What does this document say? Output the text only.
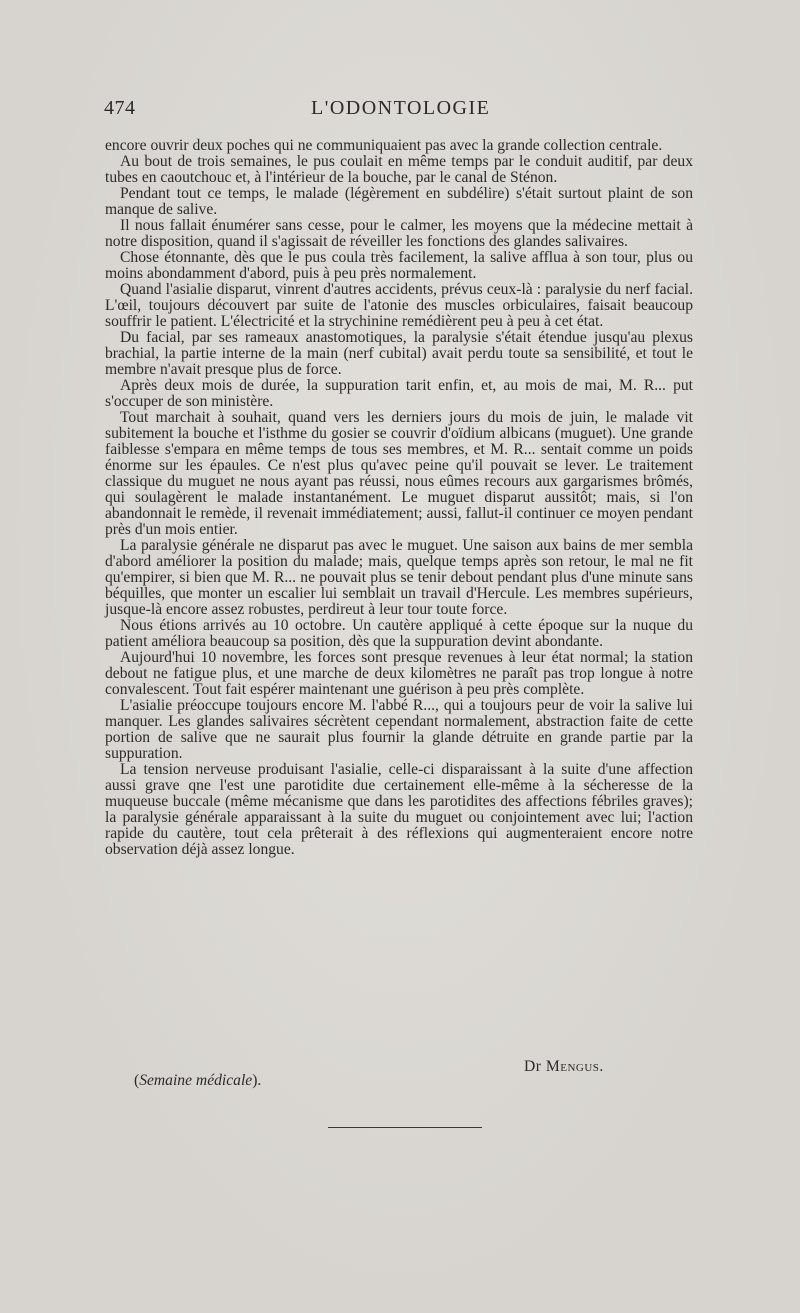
474	L'ODONTOLOGIE

encore ouvrir deux poches qui ne communiquaient pas avec la grande collection centrale.

Au bout de trois semaines, le pus coulait en même temps par le conduit auditif, par deux tubes en caoutchouc et, à l'intérieur de la bouche, par le canal de Sténon.

Pendant tout ce temps, le malade (légèrement en subdélire) s'était surtout plaint de son manque de salive.

Il nous fallait énumérer sans cesse, pour le calmer, les moyens que la médecine mettait à notre disposition, quand il s'agissait de réveiller les fonctions des glandes salivaires.

Chose étonnante, dès que le pus coula très facilement, la salive afflua à son tour, plus ou moins abondamment d'abord, puis à peu près normalement.

Quand l'asialie disparut, vinrent d'autres accidents, prévus ceux-là : paralysie du nerf facial. L'œil, toujours découvert par suite de l'atonie des muscles orbiculaires, faisait beaucoup souffrir le patient. L'électricité et la strychinine remédièrent peu à peu à cet état.

Du facial, par ses rameaux anastomotiques, la paralysie s'était étendue jusqu'au plexus brachial, la partie interne de la main (nerf cubital) avait perdu toute sa sensibilité, et tout le membre n'avait presque plus de force.

Après deux mois de durée, la suppuration tarit enfin, et, au mois de mai, M. R... put s'occuper de son ministère.

Tout marchait à souhait, quand vers les derniers jours du mois de juin, le malade vit subitement la bouche et l'isthme du gosier se couvrir d'oïdium albicans (muguet). Une grande faiblesse s'empara en même temps de tous ses membres, et M. R... sentait comme un poids énorme sur les épaules. Ce n'est plus qu'avec peine qu'il pouvait se lever. Le traitement classique du muguet ne nous ayant pas réussi, nous eûmes recours aux gargarismes brômés, qui soulagèrent le malade instantanément. Le muguet disparut aussitôt; mais, si l'on abandonnait le remède, il revenait immédiatement; aussi, fallut-il continuer ce moyen pendant près d'un mois entier.

La paralysie générale ne disparut pas avec le muguet. Une saison aux bains de mer sembla d'abord améliorer la position du malade; mais, quelque temps après son retour, le mal ne fit qu'empirer, si bien que M. R... ne pouvait plus se tenir debout pendant plus d'une minute sans béquilles, que monter un escalier lui semblait un travail d'Hercule. Les membres supérieurs, jusque-là encore assez robustes, perdireut à leur tour toute force.

Nous étions arrivés au 10 octobre. Un cautère appliqué à cette époque sur la nuque du patient améliora beaucoup sa position, dès que la suppuration devint abondante.

Aujourd'hui 10 novembre, les forces sont presque revenues à leur état normal; la station debout ne fatigue plus, et une marche de deux kilomètres ne paraît pas trop longue à notre convalescent. Tout fait espérer maintenant une guérison à peu près complète.

L'asialie préoccupe toujours encore M. l'abbé R..., qui a toujours peur de voir la salive lui manquer. Les glandes salivaires sécrètent cependant normalement, abstraction faite de cette portion de salive que ne saurait plus fournir la glande détruite en grande partie par la suppuration.

La tension nerveuse produisant l'asialie, celle-ci disparaissant à la suite d'une affection aussi grave qne l'est une parotidite due certainement elle-même à la sécheresse de la muqueuse buccale (même mécanisme que dans les parotidites des affections fébriles graves); la paralysie générale apparaissant à la suite du muguet ou conjointement avec lui; l'action rapide du cautère, tout cela prêterait à des réflexions qui augmenteraient encore notre observation déjà assez longue.

Dr Mengus.
(Semaine médicale).
